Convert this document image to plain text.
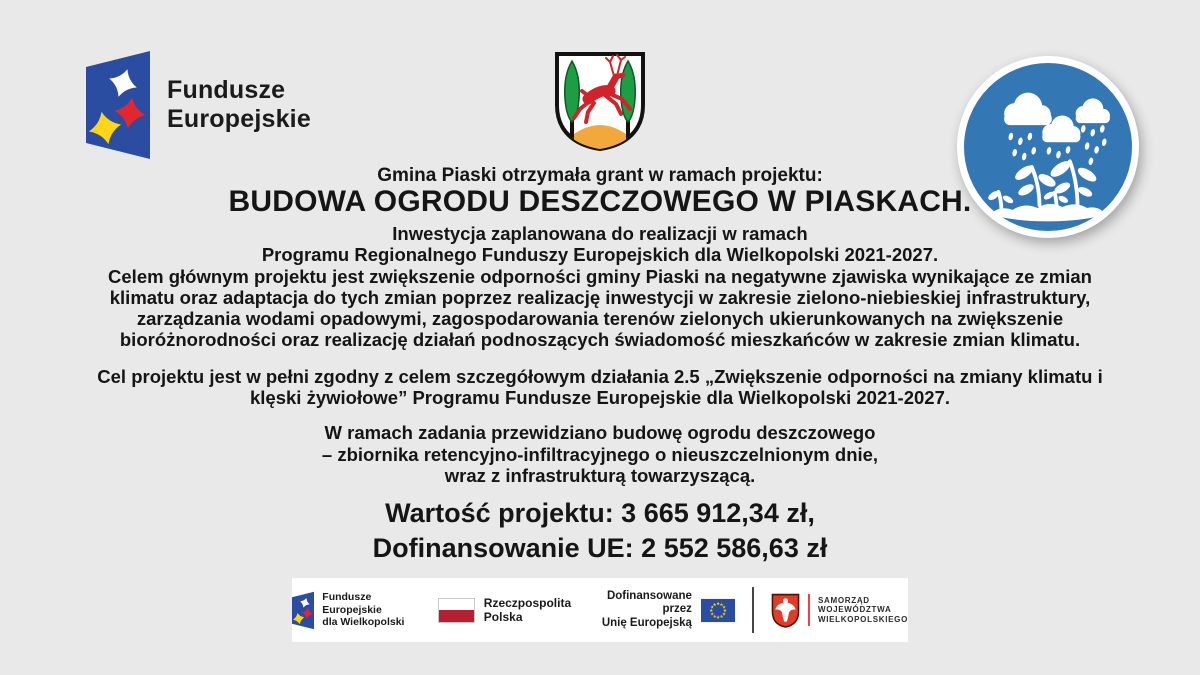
Fundusze
Europejskie
Gmina Piaski otrzymała grant w ramach projektu:
BUDOWA OGRODU DESZCZOWEGO W PIASKACH.
Inwestycja zaplanowana do realizacji w ramach
Programu Regionalnego Funduszy Europejskich dla Wielkopolski 2021-2027.
Celem głównym projektu jest zwiększenie odporności gminy Piaski na negatywne zjawiska wynikające ze zmian
klimatu oraz adaptacja do tych zmian poprzez realizację inwestycji w zakresie zielono-niebieskiej infrastruktury,
zarządzania wodami opadowymi, zagospodarowania terenów zielonych ukierunkowanych na zwiększenie
bioróżnorodności oraz realizację działań podnoszących świadomość mieszkańców w zakresie zmian klimatu.
Cel projektu jest w pełni zgodny z celem szczegółowym działania 2.5 „Zwiększenie odporności na zmiany klimatu i
klęski żywiołowe” Programu Fundusze Europejskie dla Wielkopolski 2021-2027.
W ramach zadania przewidziano budowę ogrodu deszczowego
– zbiornika retencyjno-infiltracyjnego o nieuszczelnionym dnie,
wraz z infrastrukturą towarzyszącą.
Wartość projektu: 3 665 912,34 zł,
Dofinansowanie UE: 2 552 586,63 zł
Fundusze Europejskie
dla Wielkopolski
Rzeczpospolita
Polska
Dofinansowane przez
Unię Europejską
SAMORZĄD
WOJEWÓDZTWA
WIELKOPOLSKIEGO
